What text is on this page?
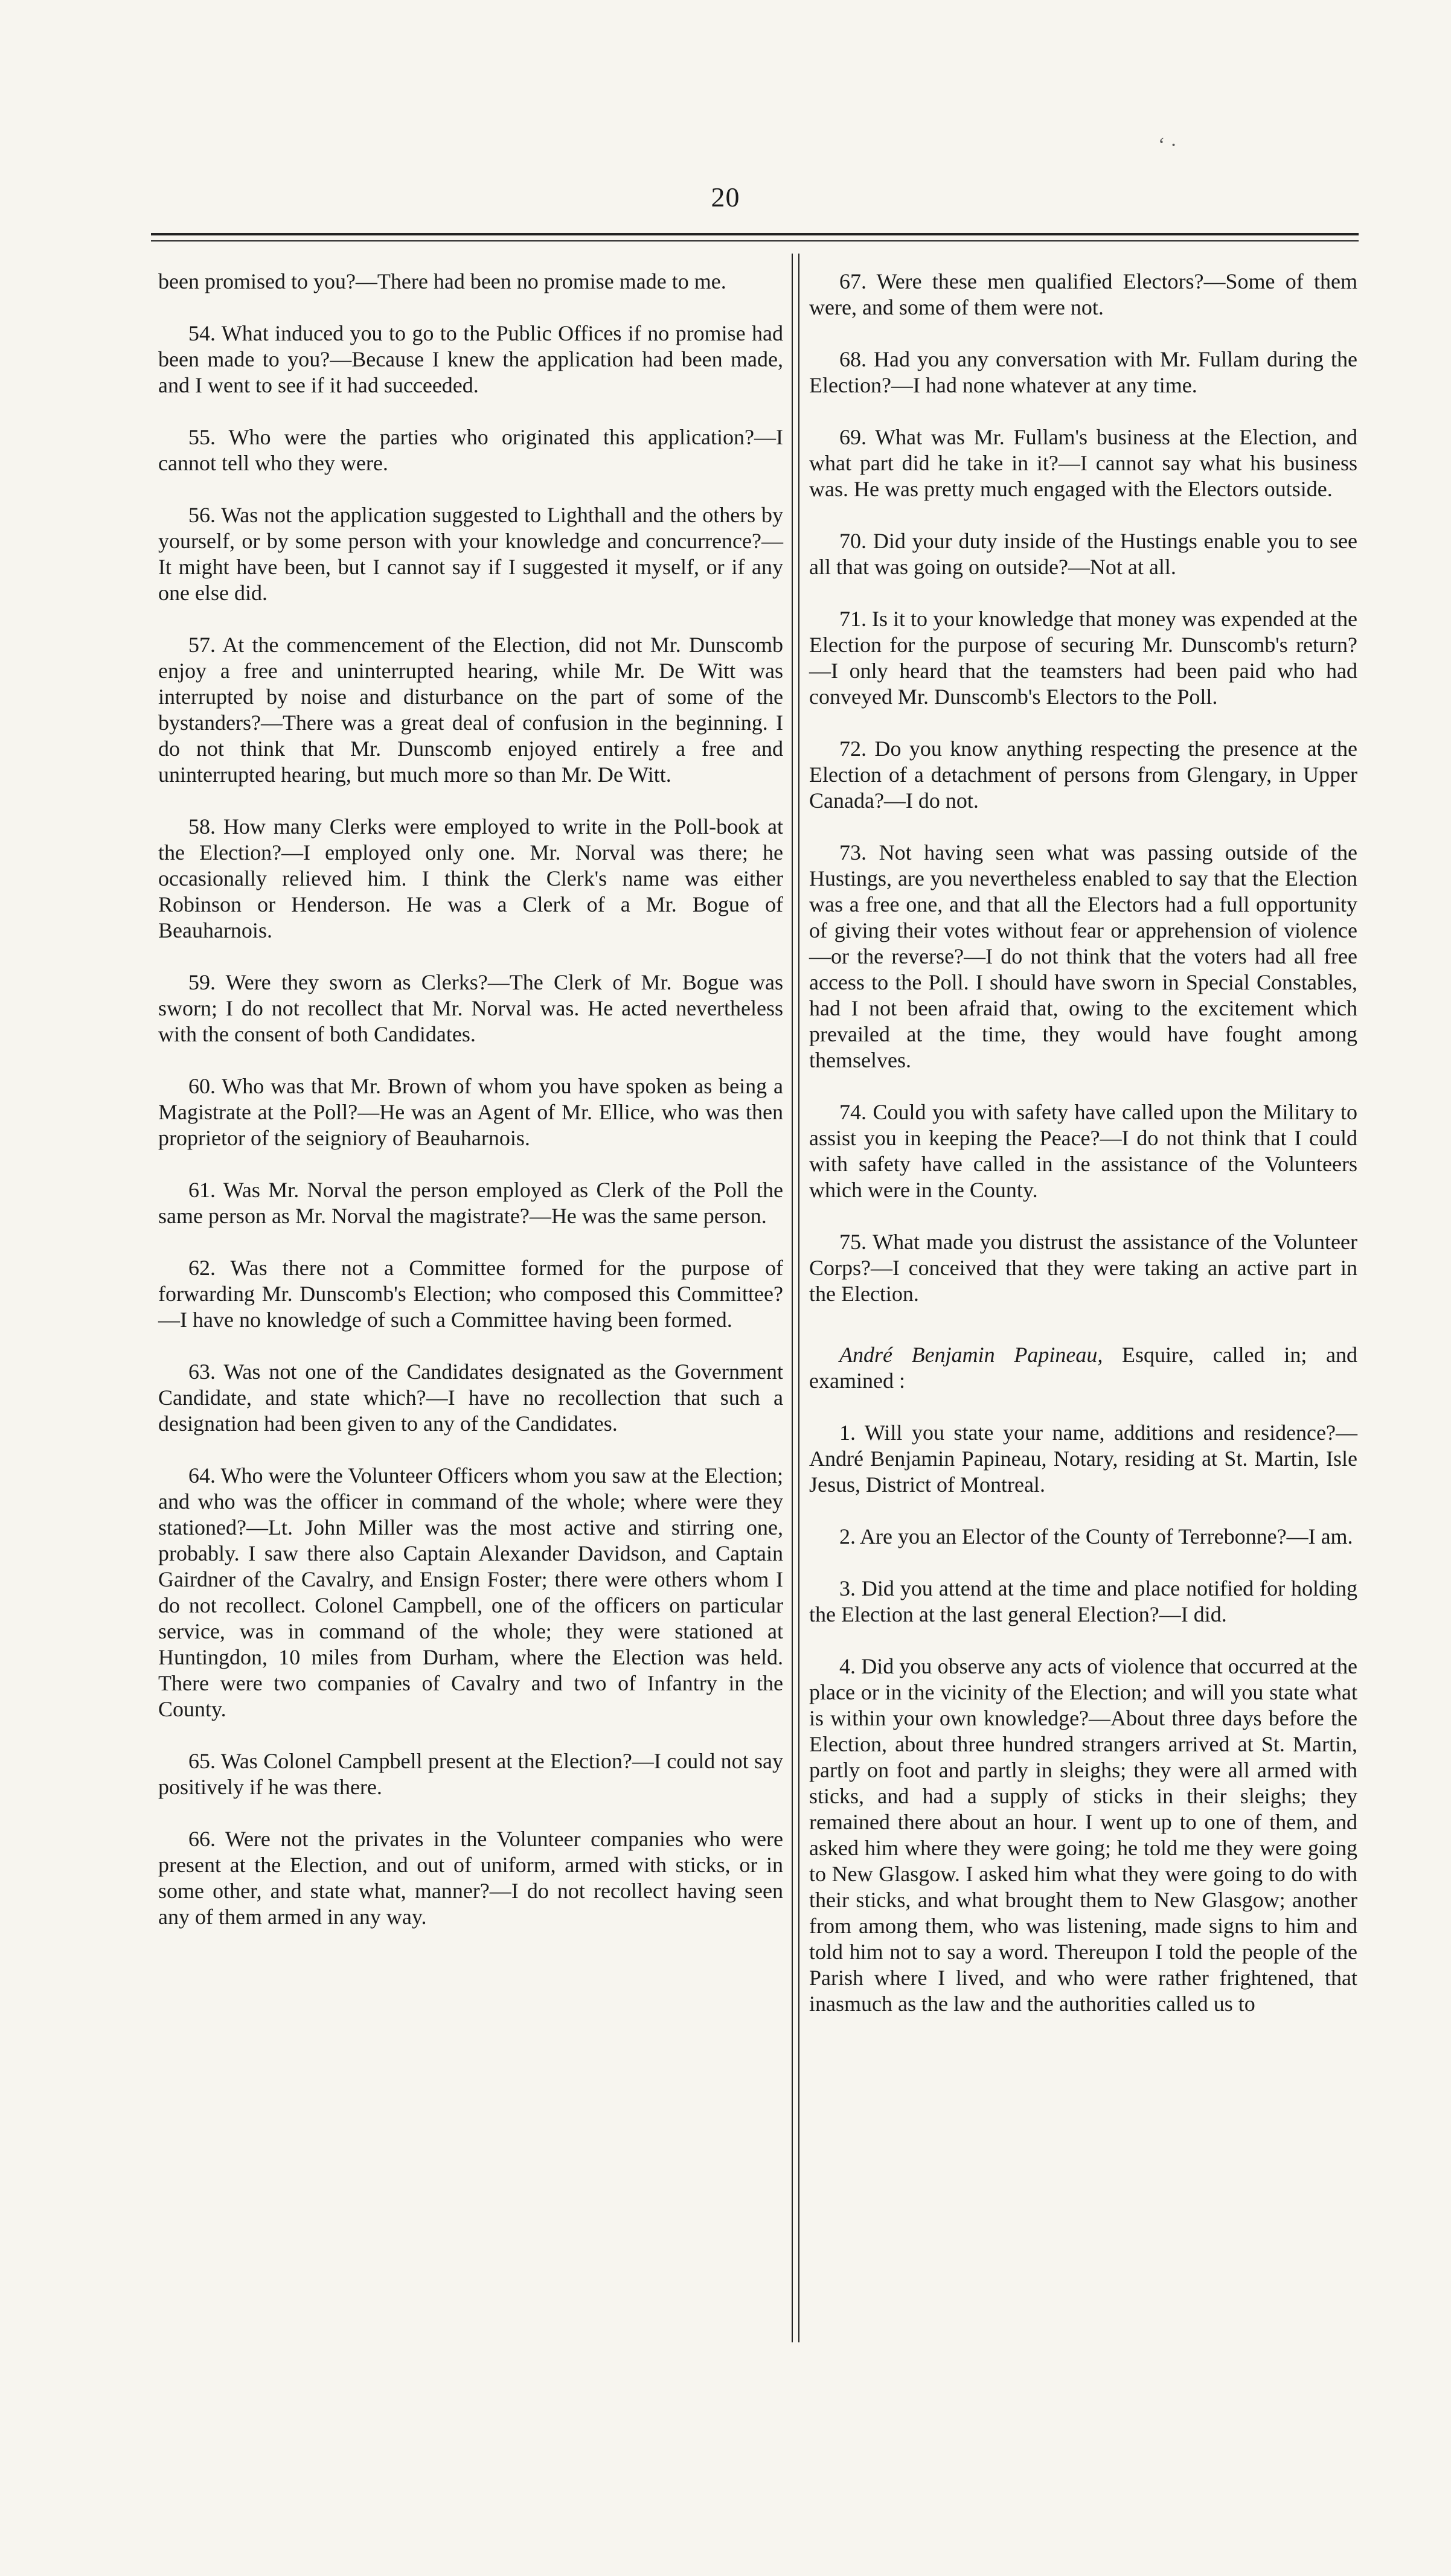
‘ ·
20

been promised to you?—There had been no promise made to me.

54. What induced you to go to the Public Offices if no promise had been made to you?—Because I knew the application had been made, and I went to see if it had succeeded.

55. Who were the parties who originated this application?—I cannot tell who they were.

56. Was not the application suggested to Lighthall and the others by yourself, or by some person with your knowledge and concurrence?—It might have been, but I cannot say if I suggested it myself, or if any one else did.

57. At the commencement of the Election, did not Mr. Dunscomb enjoy a free and uninterrupted hearing, while Mr. De Witt was interrupted by noise and disturbance on the part of some of the bystanders?—There was a great deal of confusion in the beginning. I do not think that Mr. Dunscomb enjoyed entirely a free and uninterrupted hearing, but much more so than Mr. De Witt.

58. How many Clerks were employed to write in the Poll-book at the Election?—I employed only one. Mr. Norval was there; he occasionally relieved him. I think the Clerk's name was either Robinson or Henderson. He was a Clerk of a Mr. Bogue of Beauharnois.

59. Were they sworn as Clerks?—The Clerk of Mr. Bogue was sworn; I do not recollect that Mr. Norval was. He acted nevertheless with the consent of both Candidates.

60. Who was that Mr. Brown of whom you have spoken as being a Magistrate at the Poll?—He was an Agent of Mr. Ellice, who was then proprietor of the seigniory of Beauharnois.

61. Was Mr. Norval the person employed as Clerk of the Poll the same person as Mr. Norval the magistrate?—He was the same person.

62. Was there not a Committee formed for the purpose of forwarding Mr. Dunscomb's Election; who composed this Committee?—I have no knowledge of such a Committee having been formed.

63. Was not one of the Candidates designated as the Government Candidate, and state which?—I have no recollection that such a designation had been given to any of the Candidates.

64. Who were the Volunteer Officers whom you saw at the Election; and who was the officer in command of the whole; where were they stationed?—Lt. John Miller was the most active and stirring one, probably. I saw there also Captain Alexander Davidson, and Captain Gairdner of the Cavalry, and Ensign Foster; there were others whom I do not recollect. Colonel Campbell, one of the officers on particular service, was in command of the whole; they were stationed at Huntingdon, 10 miles from Durham, where the Election was held. There were two companies of Cavalry and two of Infantry in the County.

65. Was Colonel Campbell present at the Election?—I could not say positively if he was there.

66. Were not the privates in the Volunteer companies who were present at the Election, and out of uniform, armed with sticks, or in some other, and state what, manner?—I do not recollect having seen any of them armed in any way.

67. Were these men qualified Electors?—Some of them were, and some of them were not.

68. Had you any conversation with Mr. Fullam during the Election?—I had none whatever at any time.

69. What was Mr. Fullam's business at the Election, and what part did he take in it?—I cannot say what his business was. He was pretty much engaged with the Electors outside.

70. Did your duty inside of the Hustings enable you to see all that was going on outside?—Not at all.

71. Is it to your knowledge that money was expended at the Election for the purpose of securing Mr. Dunscomb's return?—I only heard that the teamsters had been paid who had conveyed Mr. Dunscomb's Electors to the Poll.

72. Do you know anything respecting the presence at the Election of a detachment of persons from Glengary, in Upper Canada?—I do not.

73. Not having seen what was passing outside of the Hustings, are you nevertheless enabled to say that the Election was a free one, and that all the Electors had a full opportunity of giving their votes without fear or apprehension of violence—or the reverse?—I do not think that the voters had all free access to the Poll. I should have sworn in Special Constables, had I not been afraid that, owing to the excitement which prevailed at the time, they would have fought among themselves.

74. Could you with safety have called upon the Military to assist you in keeping the Peace?—I do not think that I could with safety have called in the assistance of the Volunteers which were in the County.

75. What made you distrust the assistance of the Volunteer Corps?—I conceived that they were taking an active part in the Election.

André Benjamin Papineau, Esquire, called in; and examined :

1. Will you state your name, additions and residence?—André Benjamin Papineau, Notary, residing at St. Martin, Isle Jesus, District of Montreal.

2. Are you an Elector of the County of Terrebonne?—I am.

3. Did you attend at the time and place notified for holding the Election at the last general Election?—I did.

4. Did you observe any acts of violence that occurred at the place or in the vicinity of the Election; and will you state what is within your own knowledge?—About three days before the Election, about three hundred strangers arrived at St. Martin, partly on foot and partly in sleighs; they were all armed with sticks, and had a supply of sticks in their sleighs; they remained there about an hour. I went up to one of them, and asked him where they were going; he told me they were going to New Glasgow. I asked him what they were going to do with their sticks, and what brought them to New Glasgow; another from among them, who was listening, made signs to him and told him not to say a word. Thereupon I told the people of the Parish where I lived, and who were rather frightened, that inasmuch as the law and the authorities called us to
